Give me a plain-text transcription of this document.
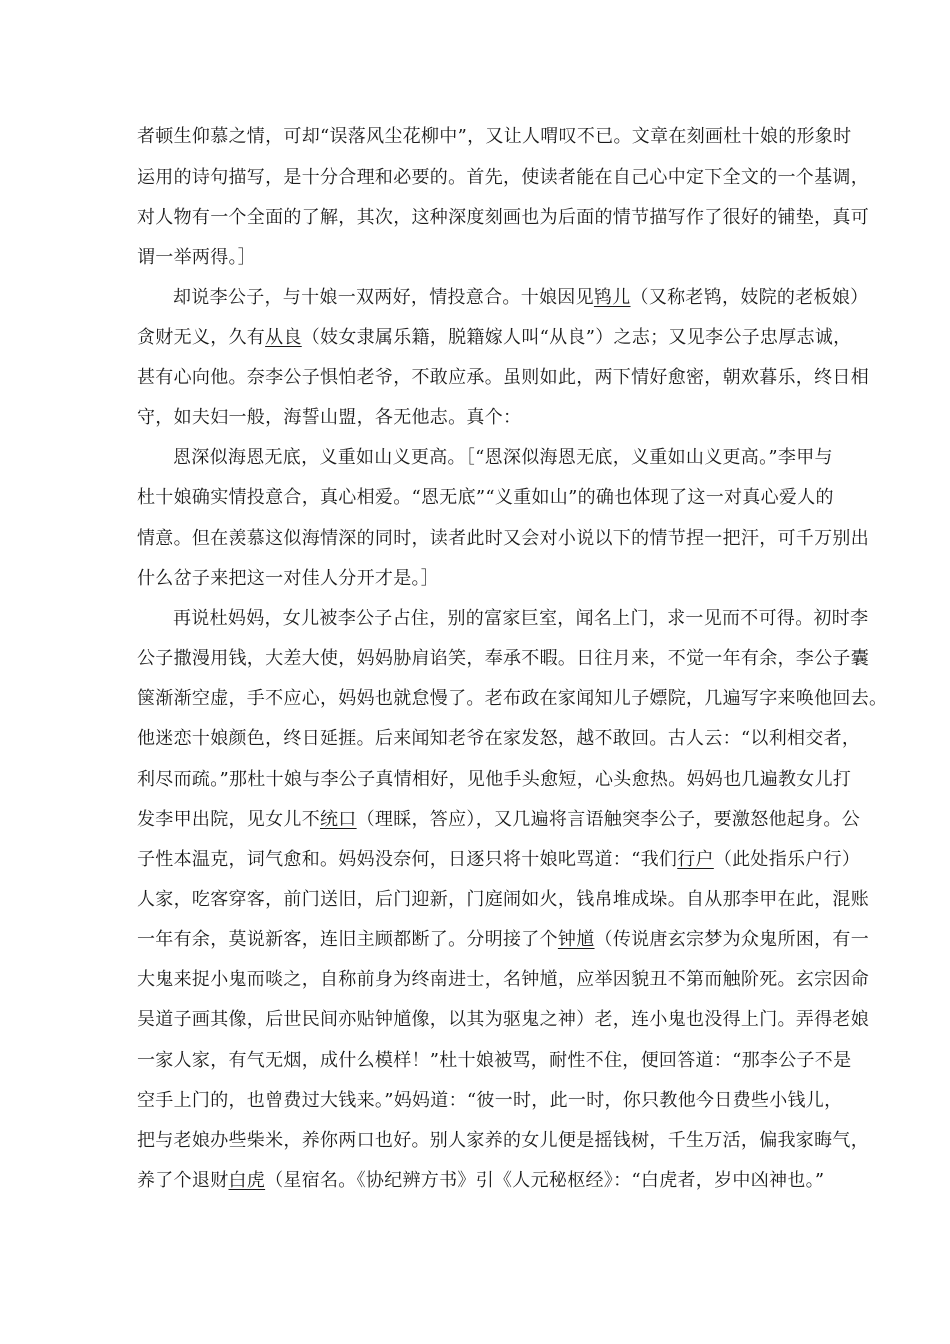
者顿生仰慕之情，可却“误落风尘花柳中”，又让人喟叹不已。文章在刻画杜十娘的形象时
运用的诗句描写，是十分合理和必要的。首先，使读者能在自己心中定下全文的一个基调，
对人物有一个全面的了解，其次，这种深度刻画也为后面的情节描写作了很好的铺垫，真可
谓一举两得。］
却说李公子，与十娘一双两好，情投意合。十娘因见鸨儿（又称老鸨，妓院的老板娘）
贪财无义，久有从良（妓女隶属乐籍，脱籍嫁人叫“从良”）之志；又见李公子忠厚志诚，
甚有心向他。奈李公子惧怕老爷，不敢应承。虽则如此，两下情好愈密，朝欢暮乐，终日相
守，如夫妇一般，海誓山盟，各无他志。真个：
恩深似海恩无底，义重如山义更高。［“恩深似海恩无底，义重如山义更高。”李甲与
杜十娘确实情投意合，真心相爱。“恩无底”“义重如山”的确也体现了这一对真心爱人的
情意。但在羡慕这似海情深的同时，读者此时又会对小说以下的情节捏一把汗，可千万别出
什么岔子来把这一对佳人分开才是。］
再说杜妈妈，女儿被李公子占住，别的富家巨室，闻名上门，求一见而不可得。初时李
公子撒漫用钱，大差大使，妈妈胁肩谄笑，奉承不暇。日往月来，不觉一年有余，李公子囊
箧渐渐空虚，手不应心，妈妈也就怠慢了。老布政在家闻知儿子嫖院，几遍写字来唤他回去。
他迷恋十娘颜色，终日延捱。后来闻知老爷在家发怒，越不敢回。古人云：“以利相交者，
利尽而疏。”那杜十娘与李公子真情相好，见他手头愈短，心头愈热。妈妈也几遍教女儿打
发李甲出院，见女儿不统口（理睬，答应），又几遍将言语触突李公子，要激怒他起身。公
子性本温克，词气愈和。妈妈没奈何，日逐只将十娘叱骂道：“我们行户（此处指乐户行）
人家，吃客穿客，前门送旧，后门迎新，门庭闹如火，钱帛堆成垛。自从那李甲在此，混账
一年有余，莫说新客，连旧主顾都断了。分明接了个钟馗（传说唐玄宗梦为众鬼所困，有一
大鬼来捉小鬼而啖之，自称前身为终南进士，名钟馗，应举因貌丑不第而触阶死。玄宗因命
吴道子画其像，后世民间亦贴钟馗像，以其为驱鬼之神）老，连小鬼也没得上门。弄得老娘
一家人家，有气无烟，成什么模样！”杜十娘被骂，耐性不住，便回答道：“那李公子不是
空手上门的，也曾费过大钱来。”妈妈道：“彼一时，此一时，你只教他今日费些小钱儿，
把与老娘办些柴米，养你两口也好。别人家养的女儿便是摇钱树，千生万活，偏我家晦气，
养了个退财白虎（星宿名。《协纪辨方书》引《人元秘枢经》：“白虎者，岁中凶神也。”
